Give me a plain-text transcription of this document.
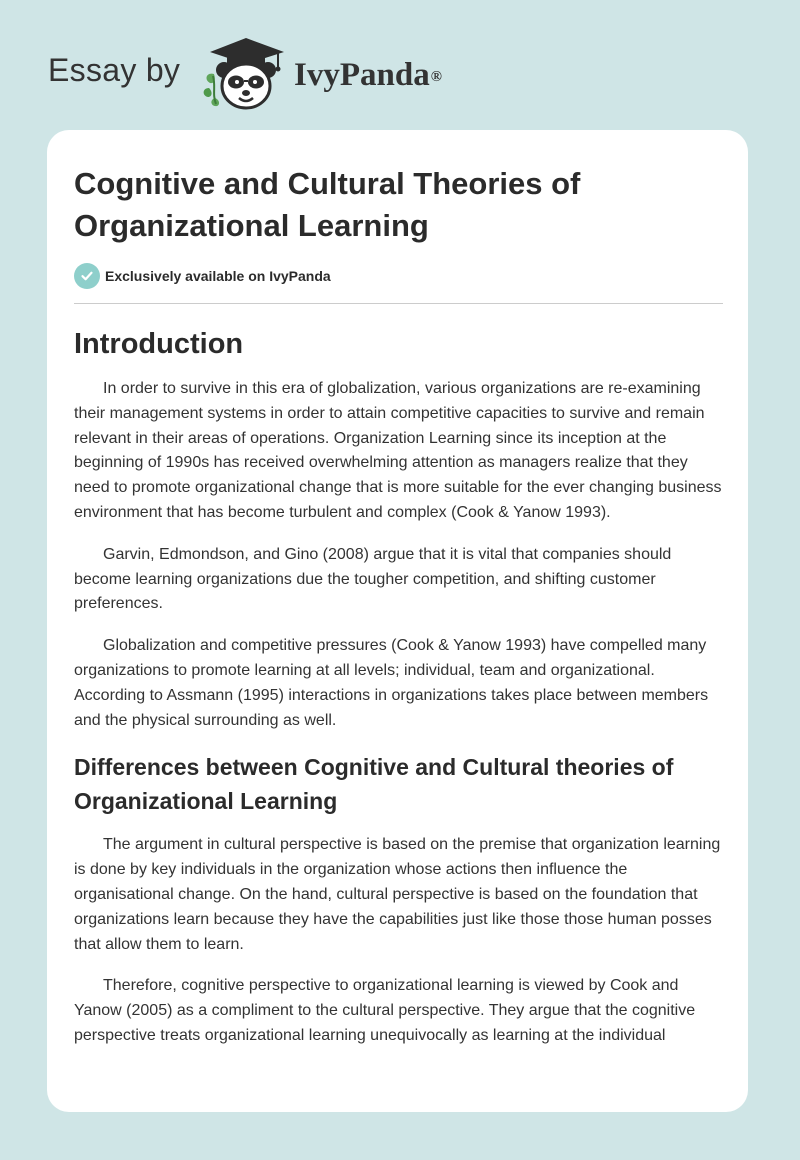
Essay by	IvyPanda®
Cognitive and Cultural Theories of Organizational Learning
Exclusively available on IvyPanda
Introduction

In order to survive in this era of globalization, various organizations are re-examining their management systems in order to attain competitive capacities to survive and remain relevant in their areas of operations. Organization Learning since its inception at the beginning of 1990s has received overwhelming attention as managers realize that they need to promote organizational change that is more suitable for the ever changing business environment that has become turbulent and complex (Cook & Yanow 1993).

Garvin, Edmondson, and Gino (2008) argue that it is vital that companies should become learning organizations due the tougher competition, and shifting customer preferences.

Globalization and competitive pressures (Cook & Yanow 1993) have compelled many organizations to promote learning at all levels; individual, team and organizational. According to Assmann (1995) interactions in organizations takes place between members and the physical surrounding as well.

Differences between Cognitive and Cultural theories of Organizational Learning

The argument in cultural perspective is based on the premise that organization learning is done by key individuals in the organization whose actions then influence the organisational change. On the hand, cultural perspective is based on the foundation that organizations learn because they have the capabilities just like those those human posses that allow them to learn.

Therefore, cognitive perspective to organizational learning is viewed by Cook and Yanow (2005) as a compliment to the cultural perspective. They argue that the cognitive perspective treats organizational learning unequivocally as learning at the individual
